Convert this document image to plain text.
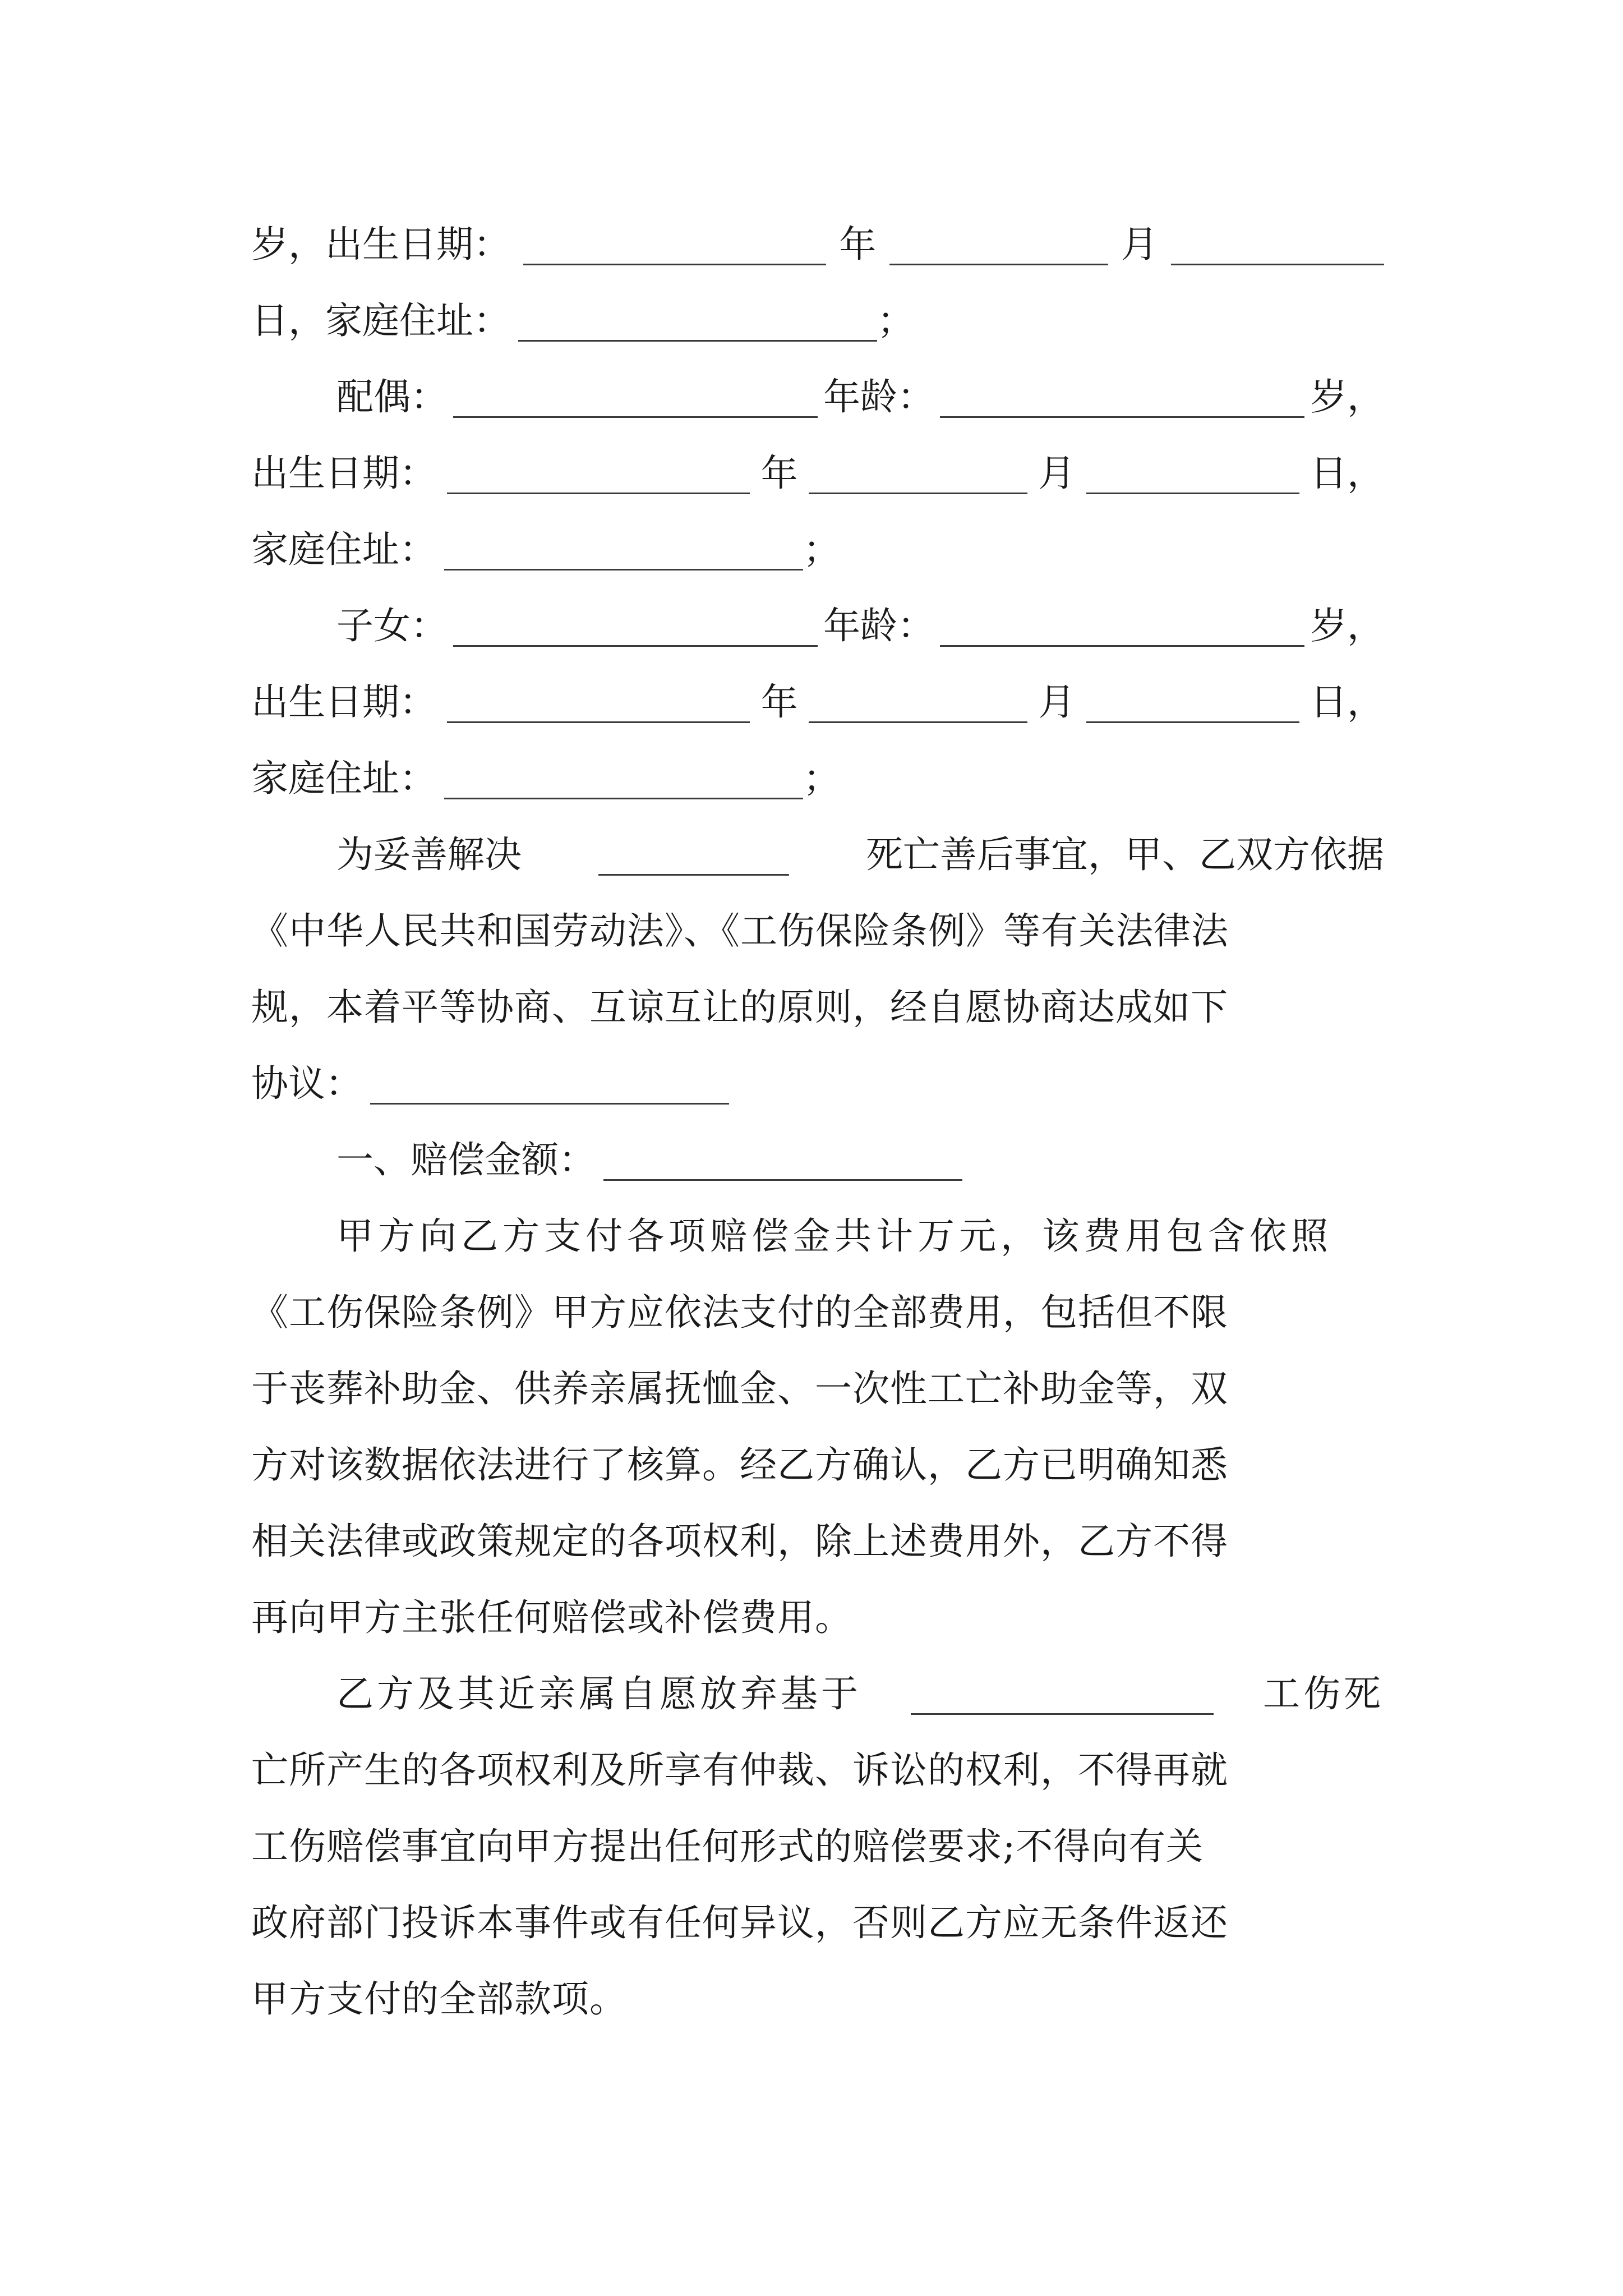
岁，出生日期：	年	月
日，家庭住址：	；
配偶：	年龄：	岁，
出生日期：	年	月	日，
家庭住址：	；
子女：	年龄：	岁，
出生日期：	年	月	日，
家庭住址：	；
为妥善解决	死亡善后事宜，甲、乙双方依据
《中华人民共和国劳动法》、《工伤保险条例》等有关法律法
规，本着平等协商、互谅互让的原则，经自愿协商达成如下
协议：
一、赔偿金额：
甲方向乙方支付各项赔偿金共计万元，该费用包含依照
《工伤保险条例》甲方应依法支付的全部费用，包括但不限
于丧葬补助金、供养亲属抚恤金、一次性工亡补助金等，双
方对该数据依法进行了核算。经乙方确认，乙方已明确知悉
相关法律或政策规定的各项权利，除上述费用外，乙方不得
再向甲方主张任何赔偿或补偿费用。
乙方及其近亲属自愿放弃基于	工伤死
亡所产生的各项权利及所享有仲裁、诉讼的权利，不得再就
工伤赔偿事宜向甲方提出任何形式的赔偿要求;不得向有关
政府部门投诉本事件或有任何异议，否则乙方应无条件返还
甲方支付的全部款项。
